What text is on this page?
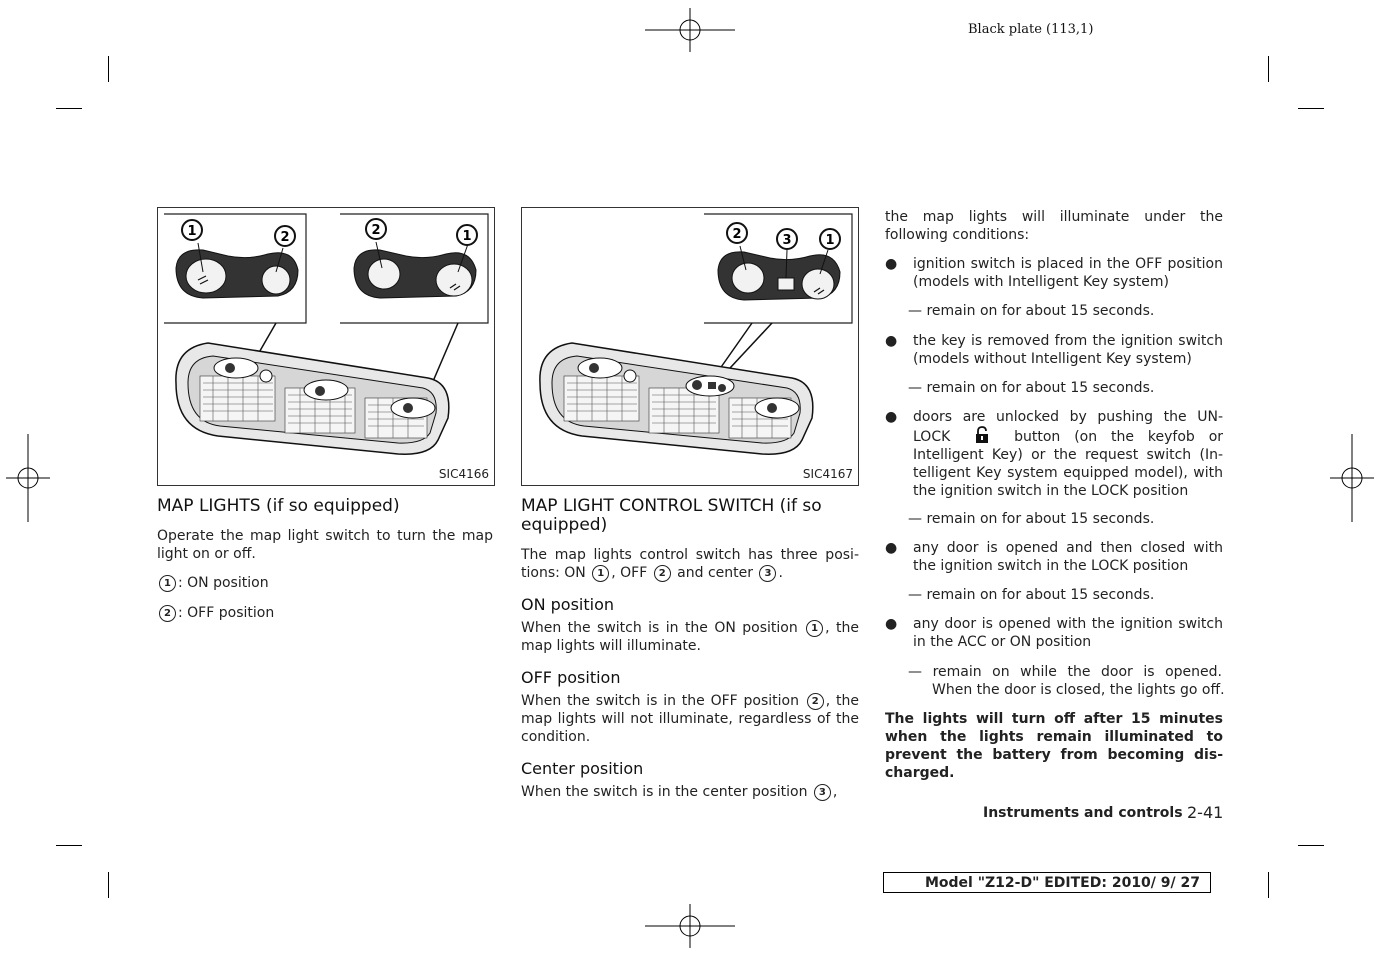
Black plate (113,1)
1	2	2	1
SIC4166
2	3	1
SIC4167
MAP LIGHTS (if so equipped)
Operate the map light switch to turn the map light on or off.
1 : ON position
2 : OFF position
MAP LIGHT CONTROL SWITCH (if so equipped)
The map lights control switch has three posi-tions: ON 1 , OFF 2 and center 3 .
ON position
When the switch is in the ON position 1 , the map lights will illuminate.
OFF position
When the switch is in the OFF position 2 , the map lights will not illuminate, regardless of the condition.
Center position
When the switch is in the center position 3 ,
the map lights will illuminate under the following conditions:
● ignition switch is placed in the OFF position (models with Intelligent Key system)
— remain on for about 15 seconds.
● the key is removed from the ignition switch (models without Intelligent Key system)
— remain on for about 15 seconds.
● doors are unlocked by pushing the UN-LOCK	button (on the keyfob or Intelligent Key) or the request switch (In-telligent Key system equipped model), with the ignition switch in the LOCK position
— remain on for about 15 seconds.
● any door is opened and then closed with the ignition switch in the LOCK position
— remain on for about 15 seconds.
● any door is opened with the ignition switch in the ACC or ON position
— remain on while the door is opened.
When the door is closed, the lights go off.
The lights will turn off after 15 minutes when the lights remain illuminated to prevent the battery from becoming dis-charged.
Instruments and controls 2-41
Model "Z12-D" EDITED: 2010/ 9/ 27
